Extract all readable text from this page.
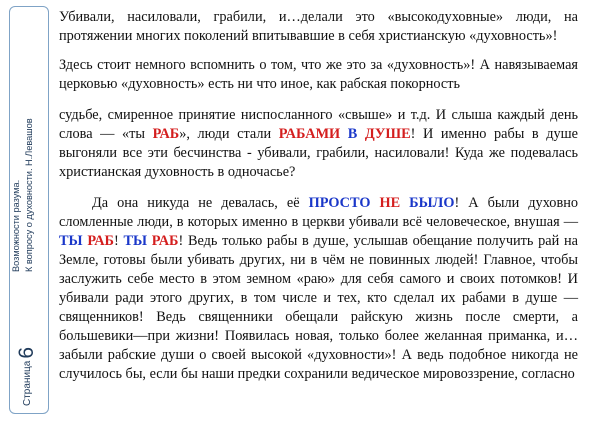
Возможности разума. К вопросу о духовности. Н.Левашов
Страница6

Убивали, насиловали, грабили, и…делали это «высокодуховные» люди, на протяжении многих поколений впитывавшие в себя христианскую «духовность»!

Здесь стоит немного вспомнить о том, что же это за «духовность»! А навязываемая церковью «духовность» есть ни что иное, как рабская покорность

судьбе, смиренное принятие ниспосланного «свыше» и т.д. И слыша каждый день слова — «ты РАБ», люди стали РАБАМИ В ДУШЕ! И именно рабы в душе выгоняли все эти бесчинства - убивали, грабили, насиловали! Куда же подевалась христианская духовность в одночасье?

Да она никуда не девалась, её ПРОСТО НЕ БЫЛО! А были духовно сломленные люди, в которых именно в церкви убивали всё человеческое, внушая — ТЫ РАБ! ТЫ РАБ! Ведь только рабы в душе, услышав обещание получить рай на Земле, готовы были убивать других, ни в чём не повинных людей! Главное, чтобы заслужить себе место в этом земном «раю» для себя самого и своих потомков! И убивали ради этого других, в том числе и тех, кто сделал их рабами в душе — священников! Ведь священники обещали райскую жизнь после смерти, а большевики—при жизни! Появилась новая, только более желанная приманка, и…забыли рабские души о своей высокой «духовности»! А ведь подобное никогда не случилось бы, если бы наши предки сохранили ведическое мировоззрение, согласно
